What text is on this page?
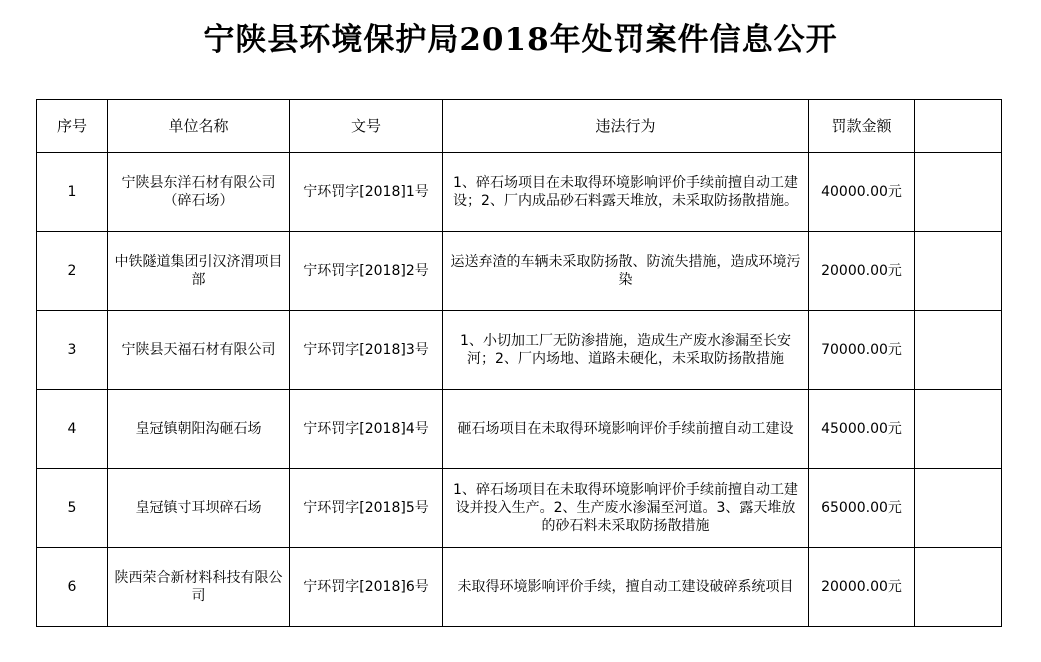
宁陕县环境保护局2018年处罚案件信息公开
序号	单位名称	文号	违法行为	罚款金额	
1	宁陕县东洋石材有限公司（碎石场）	宁环罚字[2018]1号	1、碎石场项目在未取得环境影响评价手续前擅自动工建设；2、厂内成品砂石料露天堆放，未采取防扬散措施。	40000.00元	
2	中铁隧道集团引汉济渭项目部	宁环罚字[2018]2号	运送弃渣的车辆未采取防扬散、防流失措施，造成环境污染	20000.00元	
3	宁陕县天福石材有限公司	宁环罚字[2018]3号	1、小切加工厂无防渗措施，造成生产废水渗漏至长安河；2、厂内场地、道路未硬化，未采取防扬散措施	70000.00元	
4	皇冠镇朝阳沟砸石场	宁环罚字[2018]4号	砸石场项目在未取得环境影响评价手续前擅自动工建设	45000.00元	
5	皇冠镇寸耳坝碎石场	宁环罚字[2018]5号	1、碎石场项目在未取得环境影响评价手续前擅自动工建设并投入生产。2、生产废水渗漏至河道。3、露天堆放的砂石料未采取防扬散措施	65000.00元	
6	陕西荣合新材料科技有限公司	宁环罚字[2018]6号	未取得环境影响评价手续，擅自动工建设破碎系统项目	20000.00元	
